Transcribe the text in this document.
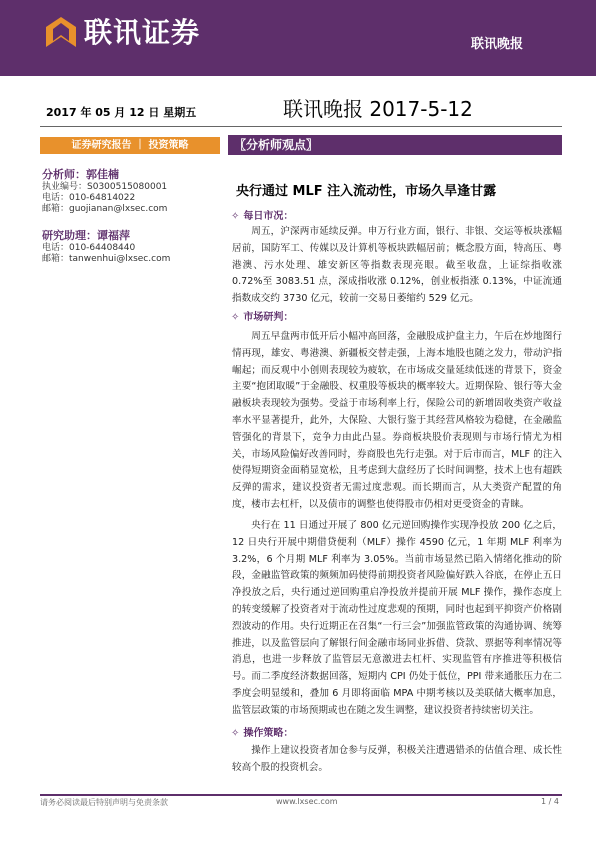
联讯证券	联讯晚报
2017 年 05 月 12 日 星期五	联讯晚报 2017-5-12
证券研究报告 ｜ 投资策略	〖分析师观点〗
分析师：郭佳楠
执业编号：S0300515080001
电话：010-64814022
邮箱：guojianan@lxsec.com
研究助理：谭福萍
电话：010-64408440
邮箱：tanwenhui@lxsec.com
央行通过 MLF 注入流动性，市场久旱逢甘露
✧ 每日市况：
周五，沪深两市延续反弹。申万行业方面，银行、非银、交运等板块涨幅居前，国防军工、传媒以及计算机等板块跌幅居前；概念股方面，特高压、粤港澳、污水处理、雄安新区等指数表现亮眼。截至收盘，上证综指收涨 0.72%至 3083.51 点，深成指收涨 0.12%，创业板指涨 0.13%，中证流通指数成交约 3730 亿元，较前一交易日萎缩约 529 亿元。
✧ 市场研判：
周五早盘两市低开后小幅冲高回落，金融股成护盘主力，午后在炒地图行情再现，雄安、粤港澳、新疆板交替走强，上海本地股也随之发力，带动沪指崛起；而反观中小创则表现较为疲软，在市场成交量延续低迷的背景下，资金主要“抱团取暖”于金融股、权重股等板块的概率较大。近期保险、银行等大金融板块表现较为强势。受益于市场利率上行，保险公司的新增固收类资产收益率水平显著提升，此外，大保险、大银行鉴于其经营风格较为稳健，在金融监管强化的背景下，竞争力由此凸显。券商板块股价表现则与市场行情尤为相关，市场风险偏好改善同时，券商股也先行走强。对于后市而言，MLF 的注入使得短期资金面稍显宽松，且考虑到大盘经历了长时间调整，技术上也有超跌反弹的需求，建议投资者无需过度悲观。而长期而言，从大类资产配置的角度，楼市去杠杆，以及债市的调整也使得股市仍相对更受资金的青睐。
央行在 11 日通过开展了 800 亿元逆回购操作实现净投放 200 亿之后，12 日央行开展中期借贷便利（MLF）操作 4590 亿元，1 年期 MLF 利率为 3.2%，6 个月期 MLF 利率为 3.05%。当前市场显然已陷入情绪化推动的阶段，金融监管政策的频频加码使得前期投资者风险偏好跌入谷底，在停止五日净投放之后，央行通过逆回购重启净投放并提前开展 MLF 操作，操作态度上的转变缓解了投资者对于流动性过度悲观的预期，同时也起到平抑资产价格剧烈波动的作用。央行近期正在召集“一行三会”加强监管政策的沟通协调、统筹推进，以及监管层向了解银行间金融市场同业拆借、贷款、票据等利率情况等消息，也进一步释放了监管层无意激进去杠杆、实现监管有序推进等积极信号。而二季度经济数据回落，短期内 CPI 仍处于低位，PPI 带来通胀压力在二季度会明显缓和，叠加 6 月即将面临 MPA 中期考核以及美联储大概率加息，监管层政策的市场预期或也在随之发生调整，建议投资者持续密切关注。
✧ 操作策略：
操作上建议投资者加仓参与反弹，积极关注遭遇错杀的估值合理、成长性较高个股的投资机会。
请务必阅读最后特别声明与免责条款	www.lxsec.com	1 / 4
